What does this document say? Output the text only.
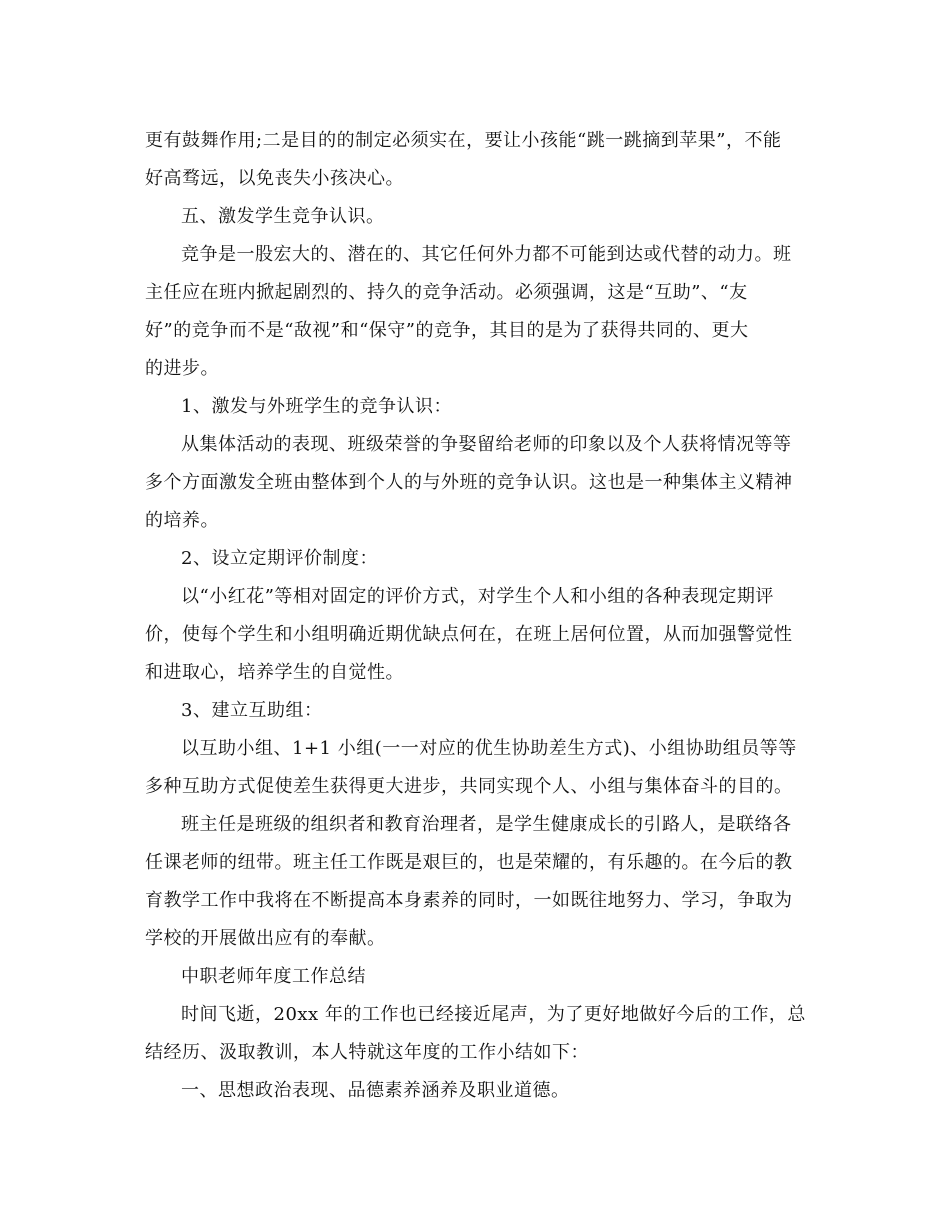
更有鼓舞作用;二是目的的制定必须实在，要让小孩能“跳一跳摘到苹果”，不能
好高骛远，以免丧失小孩决心。
五、激发学生竞争认识。
竞争是一股宏大的、潜在的、其它任何外力都不可能到达或代替的动力。班
主任应在班内掀起剧烈的、持久的竞争活动。必须强调，这是“互助”、“友
好”的竞争而不是“敌视”和“保守”的竞争，其目的是为了获得共同的、更大
的进步。
1、激发与外班学生的竞争认识：
从集体活动的表现、班级荣誉的争娶留给老师的印象以及个人获将情况等等
多个方面激发全班由整体到个人的与外班的竞争认识。这也是一种集体主义精神
的培养。
2、设立定期评价制度：
以“小红花”等相对固定的评价方式，对学生个人和小组的各种表现定期评
价，使每个学生和小组明确近期优缺点何在，在班上居何位置，从而加强警觉性
和进取心，培养学生的自觉性。
3、建立互助组：
以互助小组、1+1 小组(一一对应的优生协助差生方式)、小组协助组员等等
多种互助方式促使差生获得更大进步，共同实现个人、小组与集体奋斗的目的。
班主任是班级的组织者和教育治理者，是学生健康成长的引路人，是联络各
任课老师的纽带。班主任工作既是艰巨的，也是荣耀的，有乐趣的。在今后的教
育教学工作中我将在不断提高本身素养的同时，一如既往地努力、学习，争取为
学校的开展做出应有的奉献。
中职老师年度工作总结
时间飞逝，20xx 年的工作也已经接近尾声，为了更好地做好今后的工作，总
结经历、汲取教训，本人特就这年度的工作小结如下：
一、思想政治表现、品德素养涵养及职业道德。
